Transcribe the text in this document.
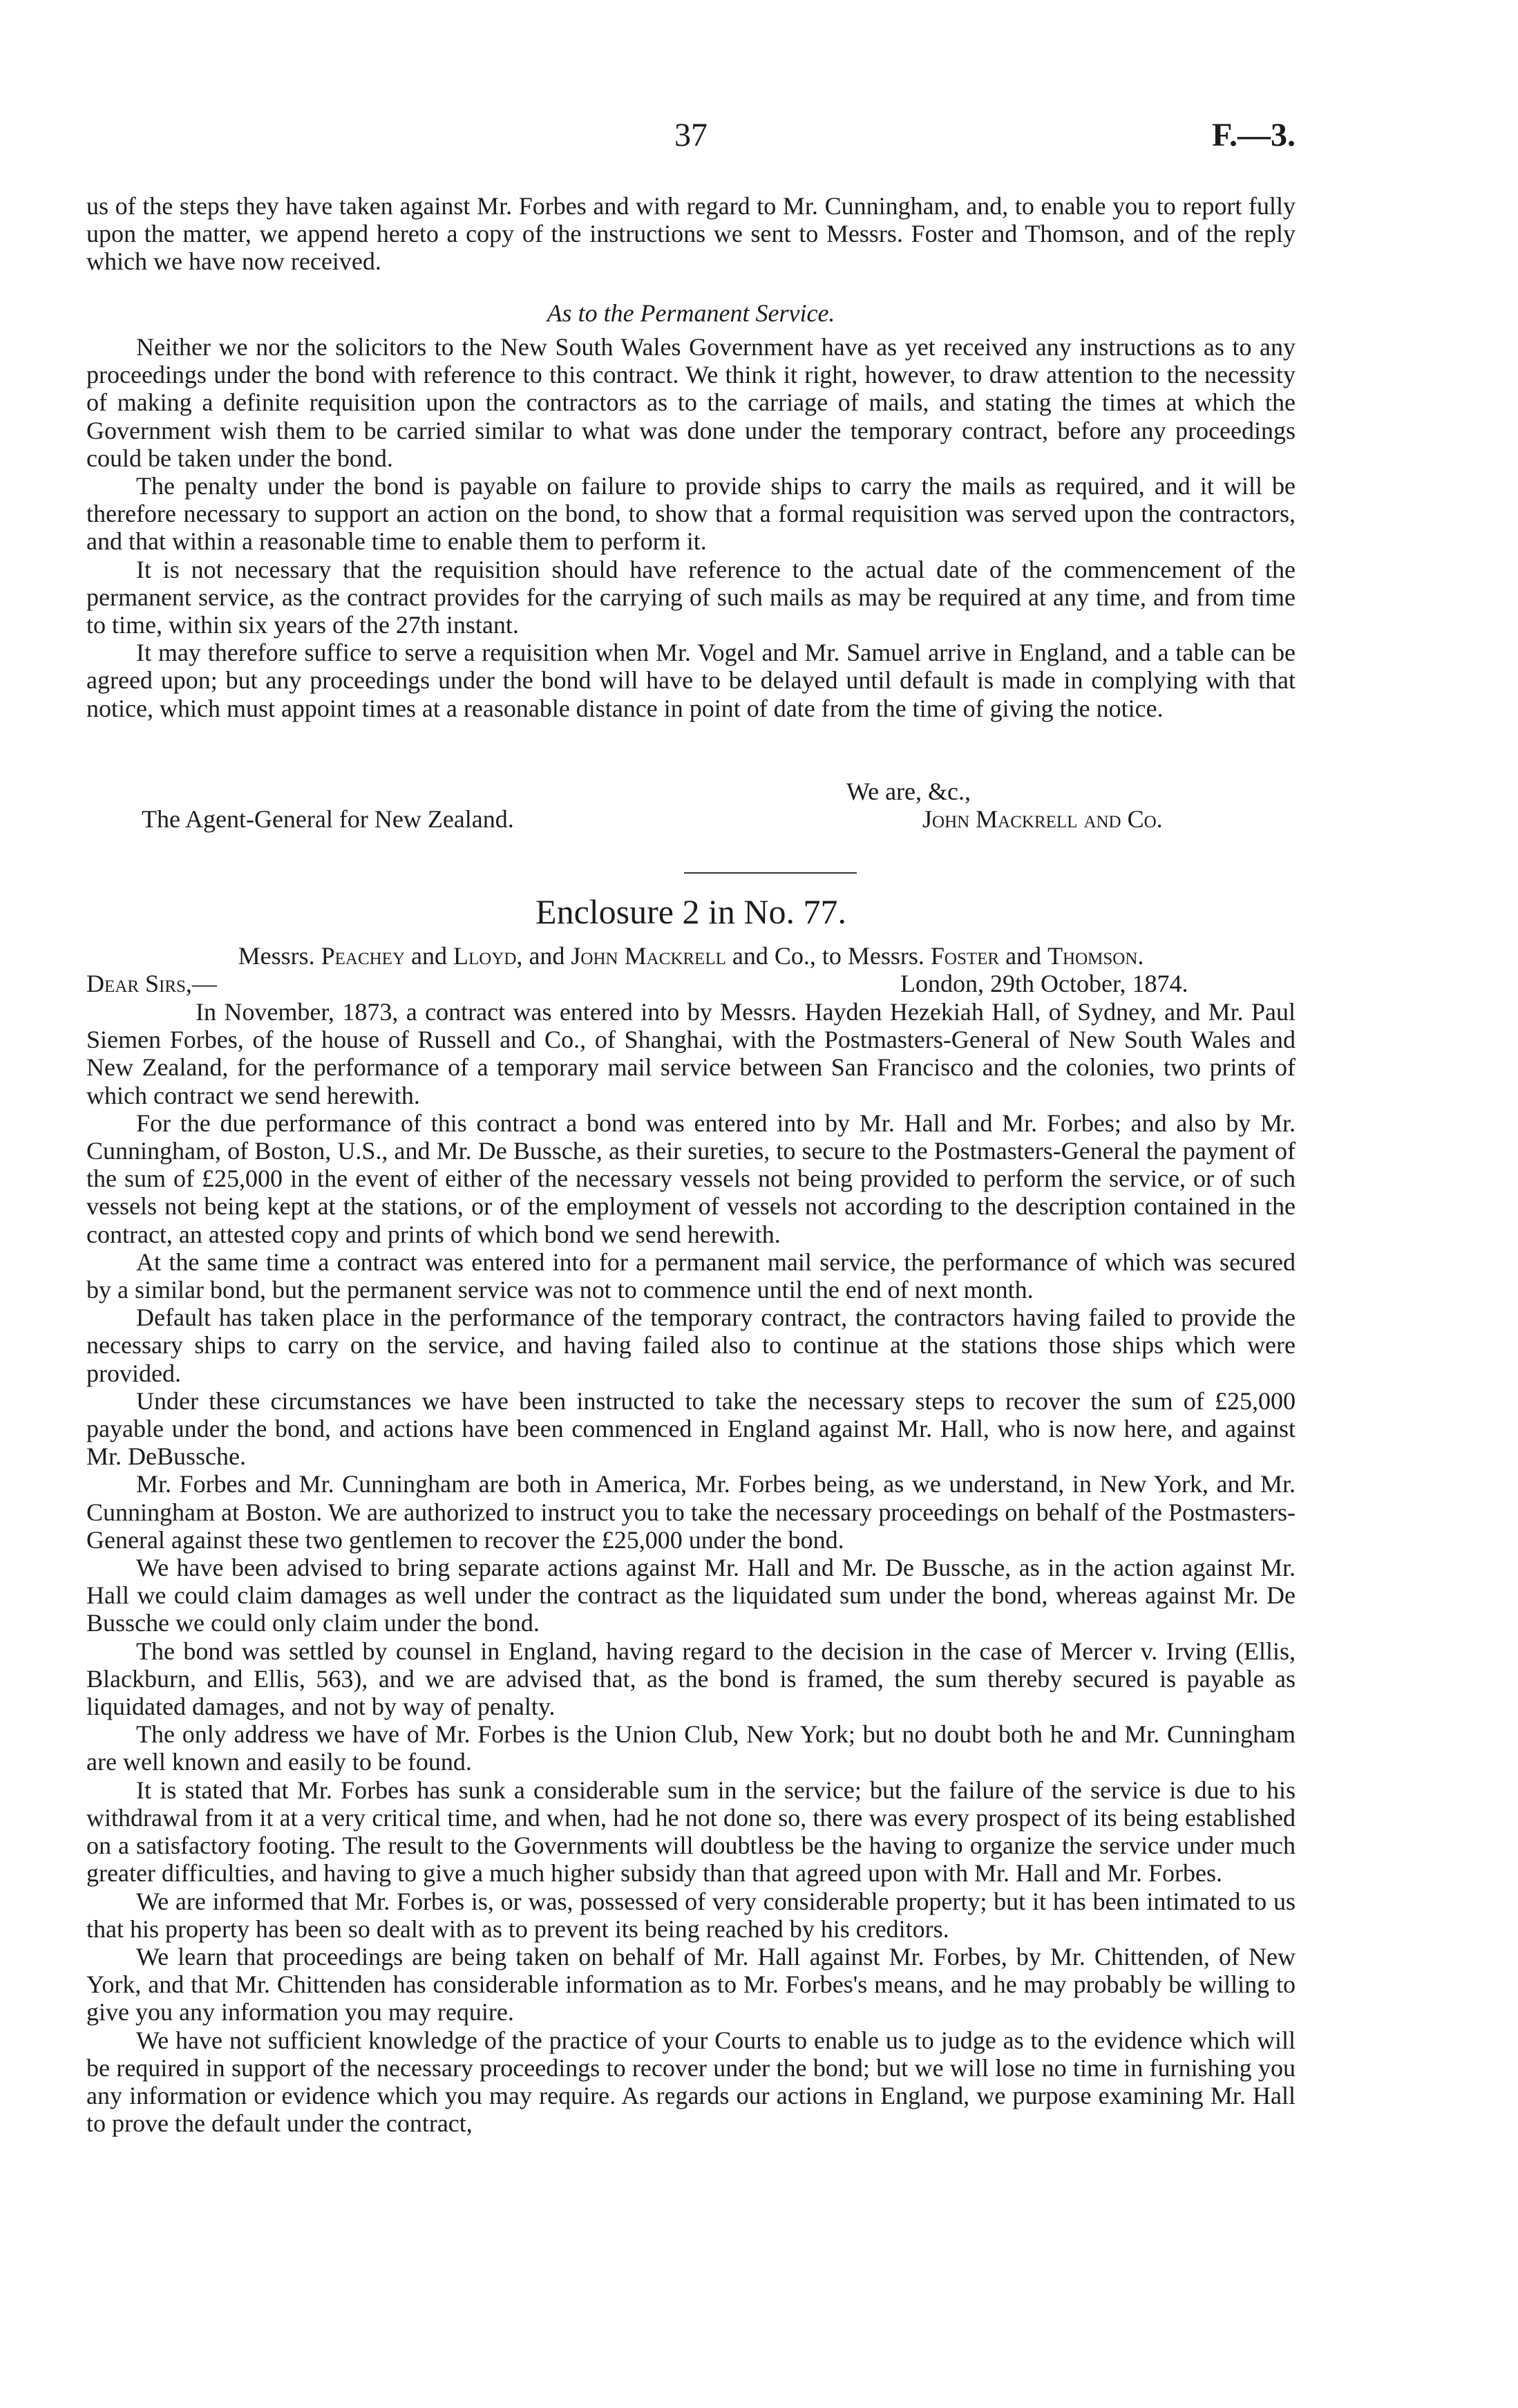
37	F.—3.

us of the steps they have taken against Mr. Forbes and with regard to Mr. Cunningham, and, to enable you to report fully upon the matter, we append hereto a copy of the instructions we sent to Messrs. Foster and Thomson, and of the reply which we have now received.

As to the Permanent Service.

Neither we nor the solicitors to the New South Wales Government have as yet received any instructions as to any proceedings under the bond with reference to this contract. We think it right, however, to draw attention to the necessity of making a definite requisition upon the contractors as to the carriage of mails, and stating the times at which the Government wish them to be carried similar to what was done under the temporary contract, before any proceedings could be taken under the bond.

The penalty under the bond is payable on failure to provide ships to carry the mails as required, and it will be therefore necessary to support an action on the bond, to show that a formal requisition was served upon the contractors, and that within a reasonable time to enable them to perform it.

It is not necessary that the requisition should have reference to the actual date of the commencement of the permanent service, as the contract provides for the carrying of such mails as may be required at any time, and from time to time, within six years of the 27th instant.

It may therefore suffice to serve a requisition when Mr. Vogel and Mr. Samuel arrive in England, and a table can be agreed upon; but any proceedings under the bond will have to be delayed until default is made in complying with that notice, which must appoint times at a reasonable distance in point of date from the time of giving the notice.

We are, &c.,
The Agent-General for New Zealand.	John Mackrell and Co.
Enclosure 2 in No. 77.
Messrs. Peachey and Lloyd, and John Mackrell and Co., to Messrs. Foster and Thomson.
Dear Sirs,—	London, 29th October, 1874.

In November, 1873, a contract was entered into by Messrs. Hayden Hezekiah Hall, of Sydney, and Mr. Paul Siemen Forbes, of the house of Russell and Co., of Shanghai, with the Postmasters-General of New South Wales and New Zealand, for the performance of a temporary mail service between San Francisco and the colonies, two prints of which contract we send herewith.

For the due performance of this contract a bond was entered into by Mr. Hall and Mr. Forbes; and also by Mr. Cunningham, of Boston, U.S., and Mr. De Bussche, as their sureties, to secure to the Postmasters-General the payment of the sum of £25,000 in the event of either of the necessary vessels not being provided to perform the service, or of such vessels not being kept at the stations, or of the employment of vessels not according to the description contained in the contract, an attested copy and prints of which bond we send herewith.

At the same time a contract was entered into for a permanent mail service, the performance of which was secured by a similar bond, but the permanent service was not to commence until the end of next month.

Default has taken place in the performance of the temporary contract, the contractors having failed to provide the necessary ships to carry on the service, and having failed also to continue at the stations those ships which were provided.

Under these circumstances we have been instructed to take the necessary steps to recover the sum of £25,000 payable under the bond, and actions have been commenced in England against Mr. Hall, who is now here, and against Mr. DeBussche.

Mr. Forbes and Mr. Cunningham are both in America, Mr. Forbes being, as we understand, in New York, and Mr. Cunningham at Boston. We are authorized to instruct you to take the necessary proceedings on behalf of the Postmasters-General against these two gentlemen to recover the £25,000 under the bond.

We have been advised to bring separate actions against Mr. Hall and Mr. De Bussche, as in the action against Mr. Hall we could claim damages as well under the contract as the liquidated sum under the bond, whereas against Mr. De Bussche we could only claim under the bond.

The bond was settled by counsel in England, having regard to the decision in the case of Mercer v. Irving (Ellis, Blackburn, and Ellis, 563), and we are advised that, as the bond is framed, the sum thereby secured is payable as liquidated damages, and not by way of penalty.

The only address we have of Mr. Forbes is the Union Club, New York; but no doubt both he and Mr. Cunningham are well known and easily to be found.

It is stated that Mr. Forbes has sunk a considerable sum in the service; but the failure of the service is due to his withdrawal from it at a very critical time, and when, had he not done so, there was every prospect of its being established on a satisfactory footing. The result to the Governments will doubtless be the having to organize the service under much greater difficulties, and having to give a much higher subsidy than that agreed upon with Mr. Hall and Mr. Forbes.

We are informed that Mr. Forbes is, or was, possessed of very considerable property; but it has been intimated to us that his property has been so dealt with as to prevent its being reached by his creditors.

We learn that proceedings are being taken on behalf of Mr. Hall against Mr. Forbes, by Mr. Chittenden, of New York, and that Mr. Chittenden has considerable information as to Mr. Forbes's means, and he may probably be willing to give you any information you may require.

We have not sufficient knowledge of the practice of your Courts to enable us to judge as to the evidence which will be required in support of the necessary proceedings to recover under the bond; but we will lose no time in furnishing you any information or evidence which you may require. As regards our actions in England, we purpose examining Mr. Hall to prove the default under the contract,
